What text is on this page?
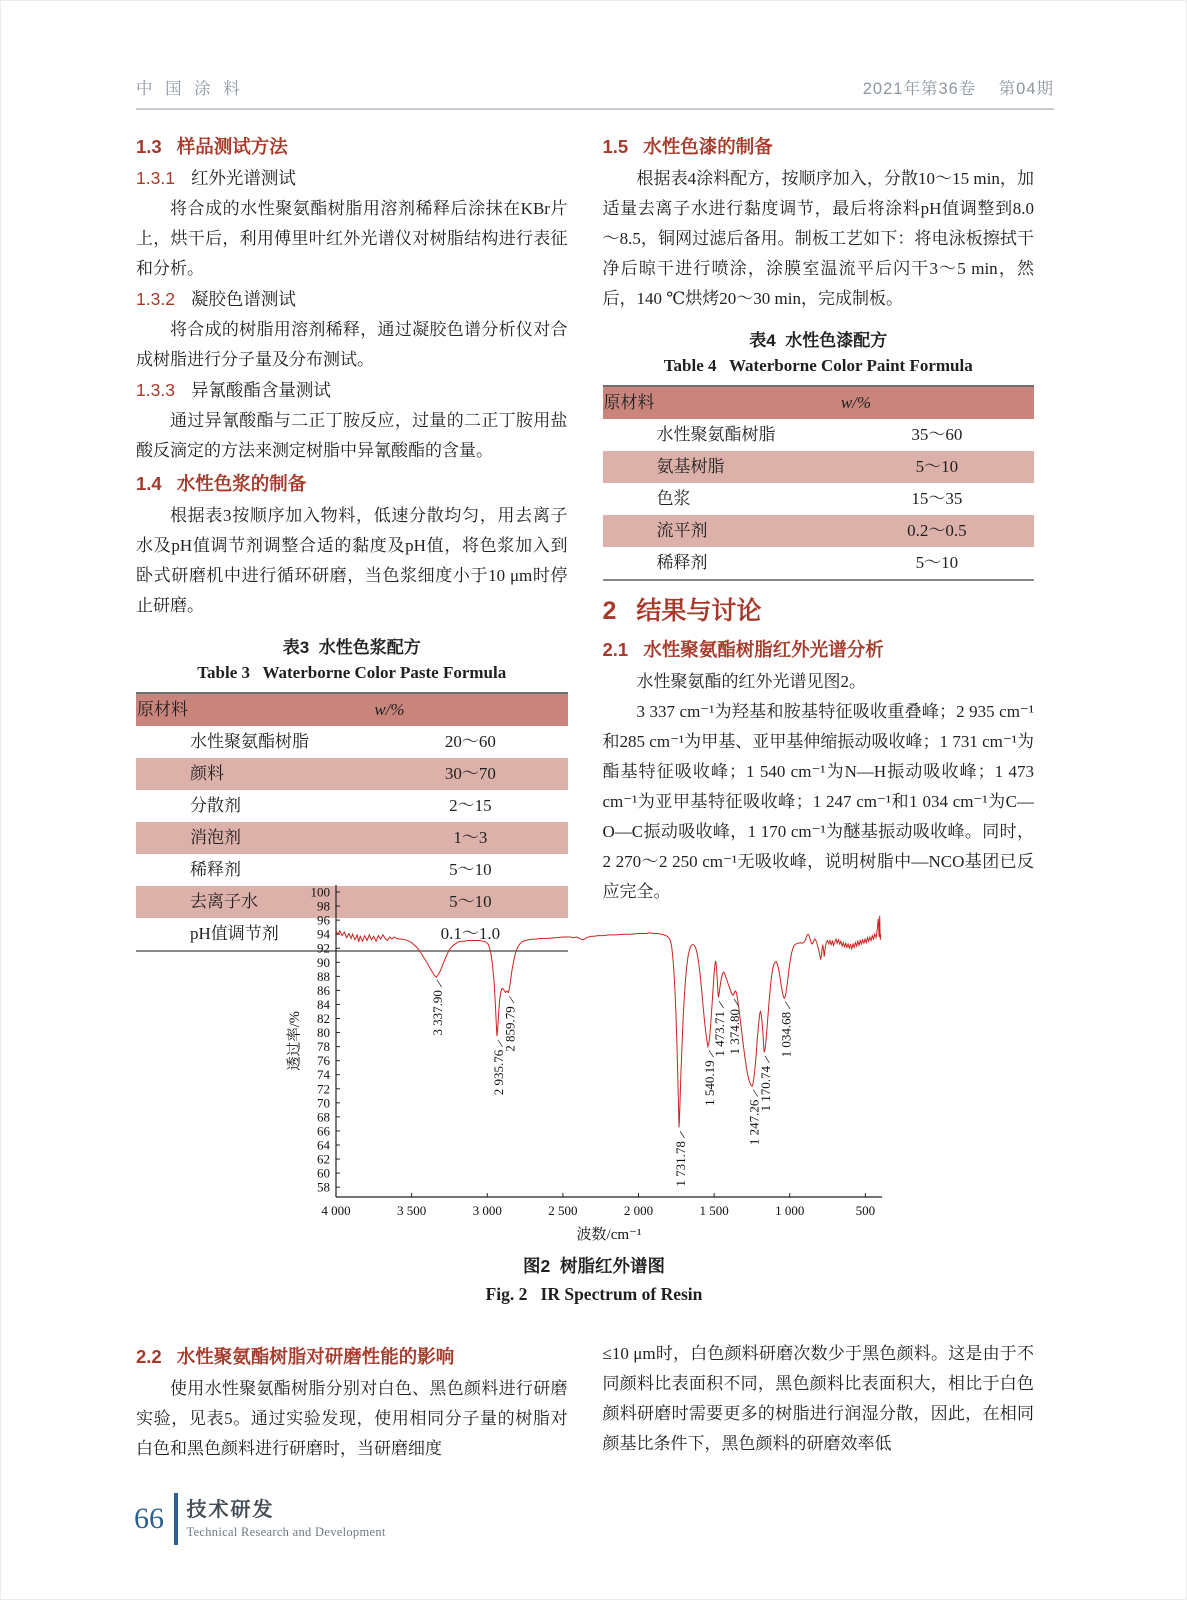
中 国 涂 料	2021年第36卷    第04期
1.3 样品测试方法
1.3.1 红外光谱测试

将合成的水性聚氨酯树脂用溶剂稀释后涂抹在KBr片上，烘干后，利用傅里叶红外光谱仪对树脂结构进行表征和分析。

1.3.2 凝胶色谱测试

将合成的树脂用溶剂稀释，通过凝胶色谱分析仪对合成树脂进行分子量及分布测试。

1.3.3 异氰酸酯含量测试

通过异氰酸酯与二正丁胺反应，过量的二正丁胺用盐酸反滴定的方法来测定树脂中异氰酸酯的含量。

1.4 水性色浆的制备

根据表3按顺序加入物料，低速分散均匀，用去离子水及pH值调节剂调整合适的黏度及pH值，将色浆加入到卧式研磨机中进行循环研磨，当色浆细度小于10 μm时停止研磨。

表3  水性色浆配方
Table 3   Waterborne Color Paste Formula
原材料	w/%
水性聚氨酯树脂	20～60
颜料	30～70
分散剂	2～15
消泡剂	1～3
稀释剂	5～10
去离子水	5～10
pH值调节剂	0.1～1.0
1.5 水性色漆的制备

根据表4涂料配方，按顺序加入，分散10～15 min，加适量去离子水进行黏度调节，最后将涂料pH值调整到8.0～8.5，铜网过滤后备用。制板工艺如下：将电泳板擦拭干净后晾干进行喷涂，涂膜室温流平后闪干3～5 min，然后，140 ℃烘烤20～30 min，完成制板。

表4  水性色漆配方
Table 4   Waterborne Color Paint Formula
原材料	w/%
水性聚氨酯树脂	35～60
氨基树脂	5～10
色浆	15～35
流平剂	0.2～0.5
稀释剂	5～10
2 结果与讨论
2.1 水性聚氨酯树脂红外光谱分析

水性聚氨酯的红外光谱见图2。

3 337 cm⁻¹为羟基和胺基特征吸收重叠峰；2 935 cm⁻¹和285 cm⁻¹为甲基、亚甲基伸缩振动吸收峰；1 731 cm⁻¹为酯基特征吸收峰；1 540 cm⁻¹为N—H振动吸收峰；1 473 cm⁻¹为亚甲基特征吸收峰；1 247 cm⁻¹和1 034 cm⁻¹为C—O—C振动吸收峰，1 170 cm⁻¹为醚基振动吸收峰。同时，2 270～2 250 cm⁻¹无吸收峰，说明树脂中—NCO基团已反应完全。

100
98
96
94
92
90
88
86
84
82
80
78
76
74
72
70
68
66
64
62
60
58
4 000	3 500	3 000	2 500	2 000	1 500	1 000	500
3 337.90
2 935.76
2 859.79
1 731.78
1 540.19
1 473.71 1 374.80
1 247.26
1 170.74
1 034.68
透过率/%
波数/cm⁻¹
图2  树脂红外谱图
Fig. 2   IR Spectrum of Resin
2.2 水性聚氨酯树脂对研磨性能的影响

使用水性聚氨酯树脂分别对白色、黑色颜料进行研磨实验，见表5。通过实验发现，使用相同分子量的树脂对白色和黑色颜料进行研磨时，当研磨细度

≤10 μm时，白色颜料研磨次数少于黑色颜料。这是由于不同颜料比表面积不同，黑色颜料比表面积大，相比于白色颜料研磨时需要更多的树脂进行润湿分散，因此，在相同颜基比条件下，黑色颜料的研磨效率低

66 技术研发
Technical Research and Development
